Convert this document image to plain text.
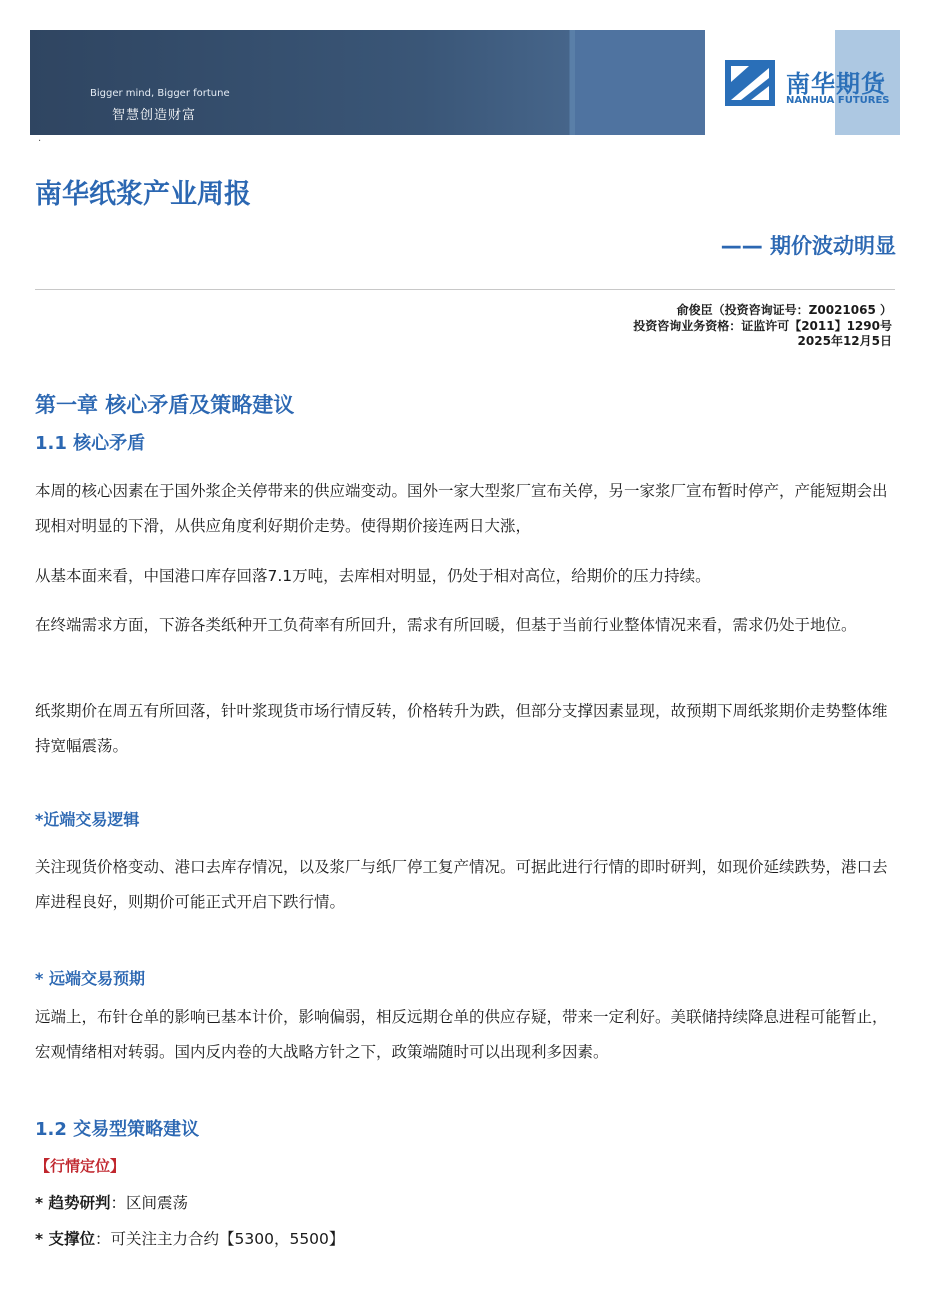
Bigger mind, Bigger fortune
智慧创造财富
南华期货
NANHUA FUTURES
·
南华纸浆产业周报
—— 期价波动明显
俞俊臣（投资咨询证号：Z0021065 ）
投资咨询业务资格：证监许可【2011】1290号
2025年12月5日
第一章 核心矛盾及策略建议
1.1 核心矛盾
本周的核心因素在于国外浆企关停带来的供应端变动。国外一家大型浆厂宣布关停，另一家浆厂宣布暂时停产，产能短期会出现相对明显的下滑，从供应角度利好期价走势。使得期价接连两日大涨，
从基本面来看，中国港口库存回落7.1万吨，去库相对明显，仍处于相对高位，给期价的压力持续。
在终端需求方面，下游各类纸种开工负荷率有所回升，需求有所回暖，但基于当前行业整体情况来看，需求仍处于地位。
纸浆期价在周五有所回落，针叶浆现货市场行情反转，价格转升为跌，但部分支撑因素显现，故预期下周纸浆期价走势整体维持宽幅震荡。
*近端交易逻辑
关注现货价格变动、港口去库存情况，以及浆厂与纸厂停工复产情况。可据此进行行情的即时研判，如现价延续跌势，港口去库进程良好，则期价可能正式开启下跌行情。
* 远端交易预期
远端上，布针仓单的影响已基本计价，影响偏弱，相反远期仓单的供应存疑，带来一定利好。美联储持续降息进程可能暂止，宏观情绪相对转弱。国内反内卷的大战略方针之下，政策端随时可以出现利多因素。
1.2 交易型策略建议
【行情定位】
* 趋势研判：区间震荡
* 支撑位：可关注主力合约【5300，5500】
